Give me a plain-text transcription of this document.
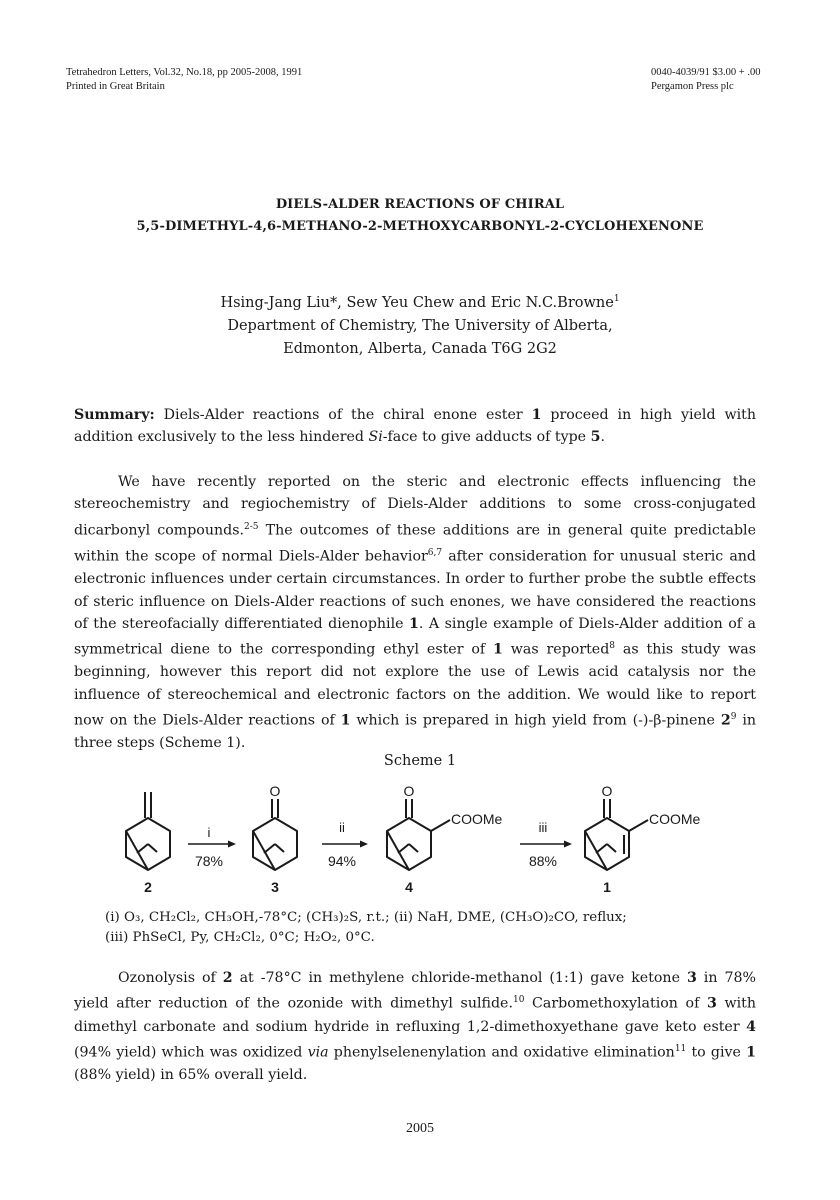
Tetrahedron Letters, Vol.32, No.18, pp 2005-2008, 1991
Printed in Great Britain
0040-4039/91 $3.00 + .00
Pergamon Press plc
DIELS-ALDER REACTIONS OF CHIRAL
5,5-DIMETHYL-4,6-METHANO-2-METHOXYCARBONYL-2-CYCLOHEXENONE
Hsing-Jang Liu*, Sew Yeu Chew and Eric N.C.Browne$^1$
Department of Chemistry, The University of Alberta,
Edmonton, Alberta, Canada T6G 2G2
Summary: Diels-Alder reactions of the chiral enone ester 1 proceed in high yield with addition exclusively to the less hindered Si-face to give adducts of type 5.
We have recently reported on the steric and electronic effects influencing the stereochemistry and regiochemistry of Diels-Alder additions to some cross-conjugated dicarbonyl compounds.$^{2-5}$ The outcomes of these additions are in general quite predictable within the scope of normal Diels-Alder behavior$^{6,7}$ after consideration for unusual steric and electronic influences under certain circumstances. In order to further probe the subtle effects of steric influence on Diels-Alder reactions of such enones, we have considered the reactions of the stereofacially differentiated dienophile 1. A single example of Diels-Alder addition of a symmetrical diene to the corresponding ethyl ester of 1 was reported$^8$ as this study was beginning, however this report did not explore the use of Lewis acid catalysis nor the influence of stereochemical and electronic factors on the addition. We would like to report now on the Diels-Alder reactions of 1 which is prepared in high yield from (-)-β-pinene $2^9$ in three steps (Scheme 1).
Scheme 1
O	O	O
COOMe	COOMe
i
78%
ii
94%
iii
88%
2	3	4	1
(i) O₃, CH₂Cl₂, CH₃OH,-78°C; (CH₃)₂S, r.t.; (ii) NaH, DME, (CH₃O)₂CO, reflux;
(iii) PhSeCl, Py, CH₂Cl₂, 0°C; H₂O₂, 0°C.
Ozonolysis of 2 at -78°C in methylene chloride-methanol (1:1) gave ketone 3 in 78% yield after reduction of the ozonide with dimethyl sulfide.$^{10}$ Carbomethoxylation of 3 with dimethyl carbonate and sodium hydride in refluxing 1,2-dimethoxyethane gave keto ester 4 (94% yield) which was oxidized via phenylselenenylation and oxidative elimination$^{11}$ to give 1 (88% yield) in 65% overall yield.
2005
